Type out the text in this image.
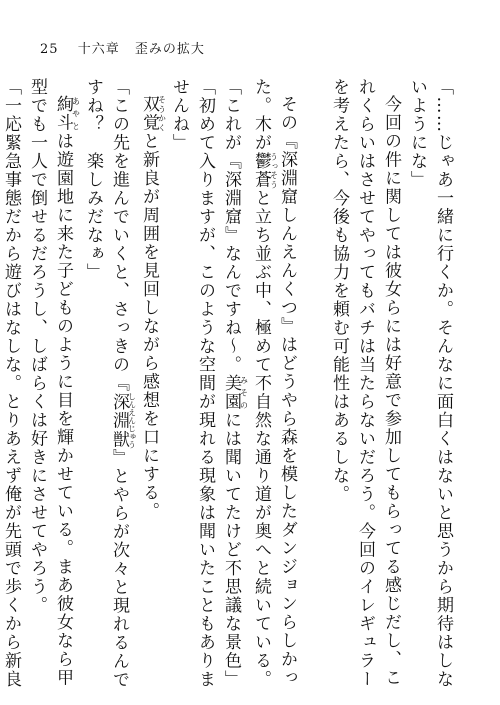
25 十六章 歪みの拡大

「……じゃあ一緒に行くか。そんなに面白くはないと思うから期待はしないようにな」

今回の件に関しては彼女らには好意で参加してもらってる感じだし、これくらいはさせてやってもバチは当たらないだろう。今回のイレギュラーを考えたら、今後も協力を頼む可能性はあるしな。

その『深淵窟しんえんくつ』はどうやら森を模したダンジョンらしかった。木が鬱蒼うっそうと立ち並ぶ中、極めて不自然な通り道が奥へと続いている。

「これが『深淵窟』なんですね～。美園みそのには聞いてたけど不思議な景色」

「初めて入りますが、このような空間が現れる現象は聞いたこともありませんね」

双覚そうかくと新良が周囲を見回しながら感想を口にする。

「この先を進んでいくと、さっきの『深淵獣しんえんじゅう』とやらが次々と現れるんですね？　楽しみだなぁ」

絢斗あやとは遊園地に来た子どものように目を輝かせている。まあ彼女なら甲型でも一人で倒せるだろうし、しばらくは好きにさせてやろう。

「一応緊急事態だから遊びはなしな。とりあえず俺が先頭で歩くから新良
